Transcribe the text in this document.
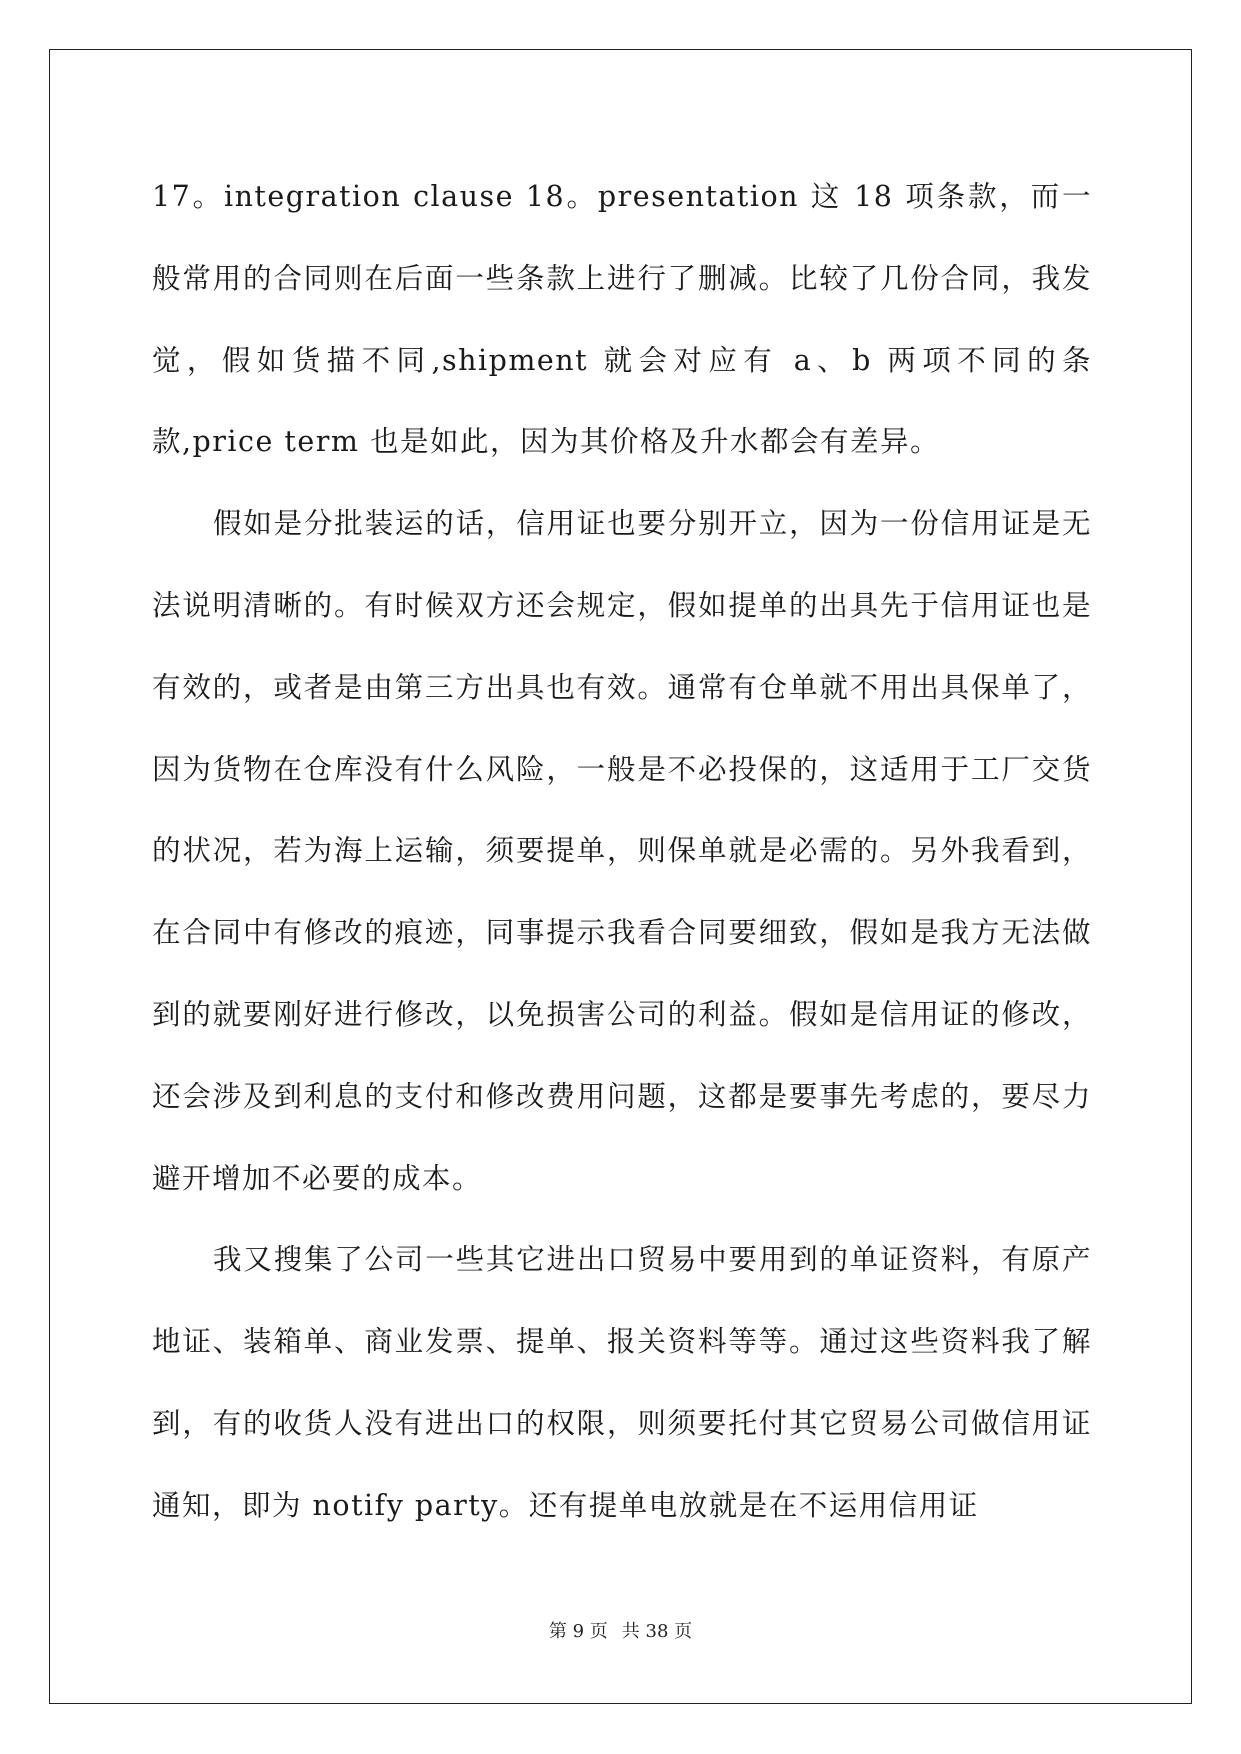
17。integration clause 18。presentation 这 18 项条款，而一般常用的合同则在后面一些条款上进行了删减。比较了几份合同，我发觉，假如货描不同,shipment 就会对应有 a、b 两项不同的条款,price term 也是如此，因为其价格及升水都会有差异。

假如是分批装运的话，信用证也要分别开立，因为一份信用证是无法说明清晰的。有时候双方还会规定，假如提单的出具先于信用证也是有效的，或者是由第三方出具也有效。通常有仓单就不用出具保单了，因为货物在仓库没有什么风险，一般是不必投保的，这适用于工厂交货的状况，若为海上运输，须要提单，则保单就是必需的。另外我看到，在合同中有修改的痕迹，同事提示我看合同要细致，假如是我方无法做到的就要刚好进行修改，以免损害公司的利益。假如是信用证的修改，还会涉及到利息的支付和修改费用问题，这都是要事先考虑的，要尽力避开增加不必要的成本。

我又搜集了公司一些其它进出口贸易中要用到的单证资料，有原产地证、装箱单、商业发票、提单、报关资料等等。通过这些资料我了解到，有的收货人没有进出口的权限，则须要托付其它贸易公司做信用证通知，即为 notify party。还有提单电放就是在不运用信用证

第 9 页 共 38 页
